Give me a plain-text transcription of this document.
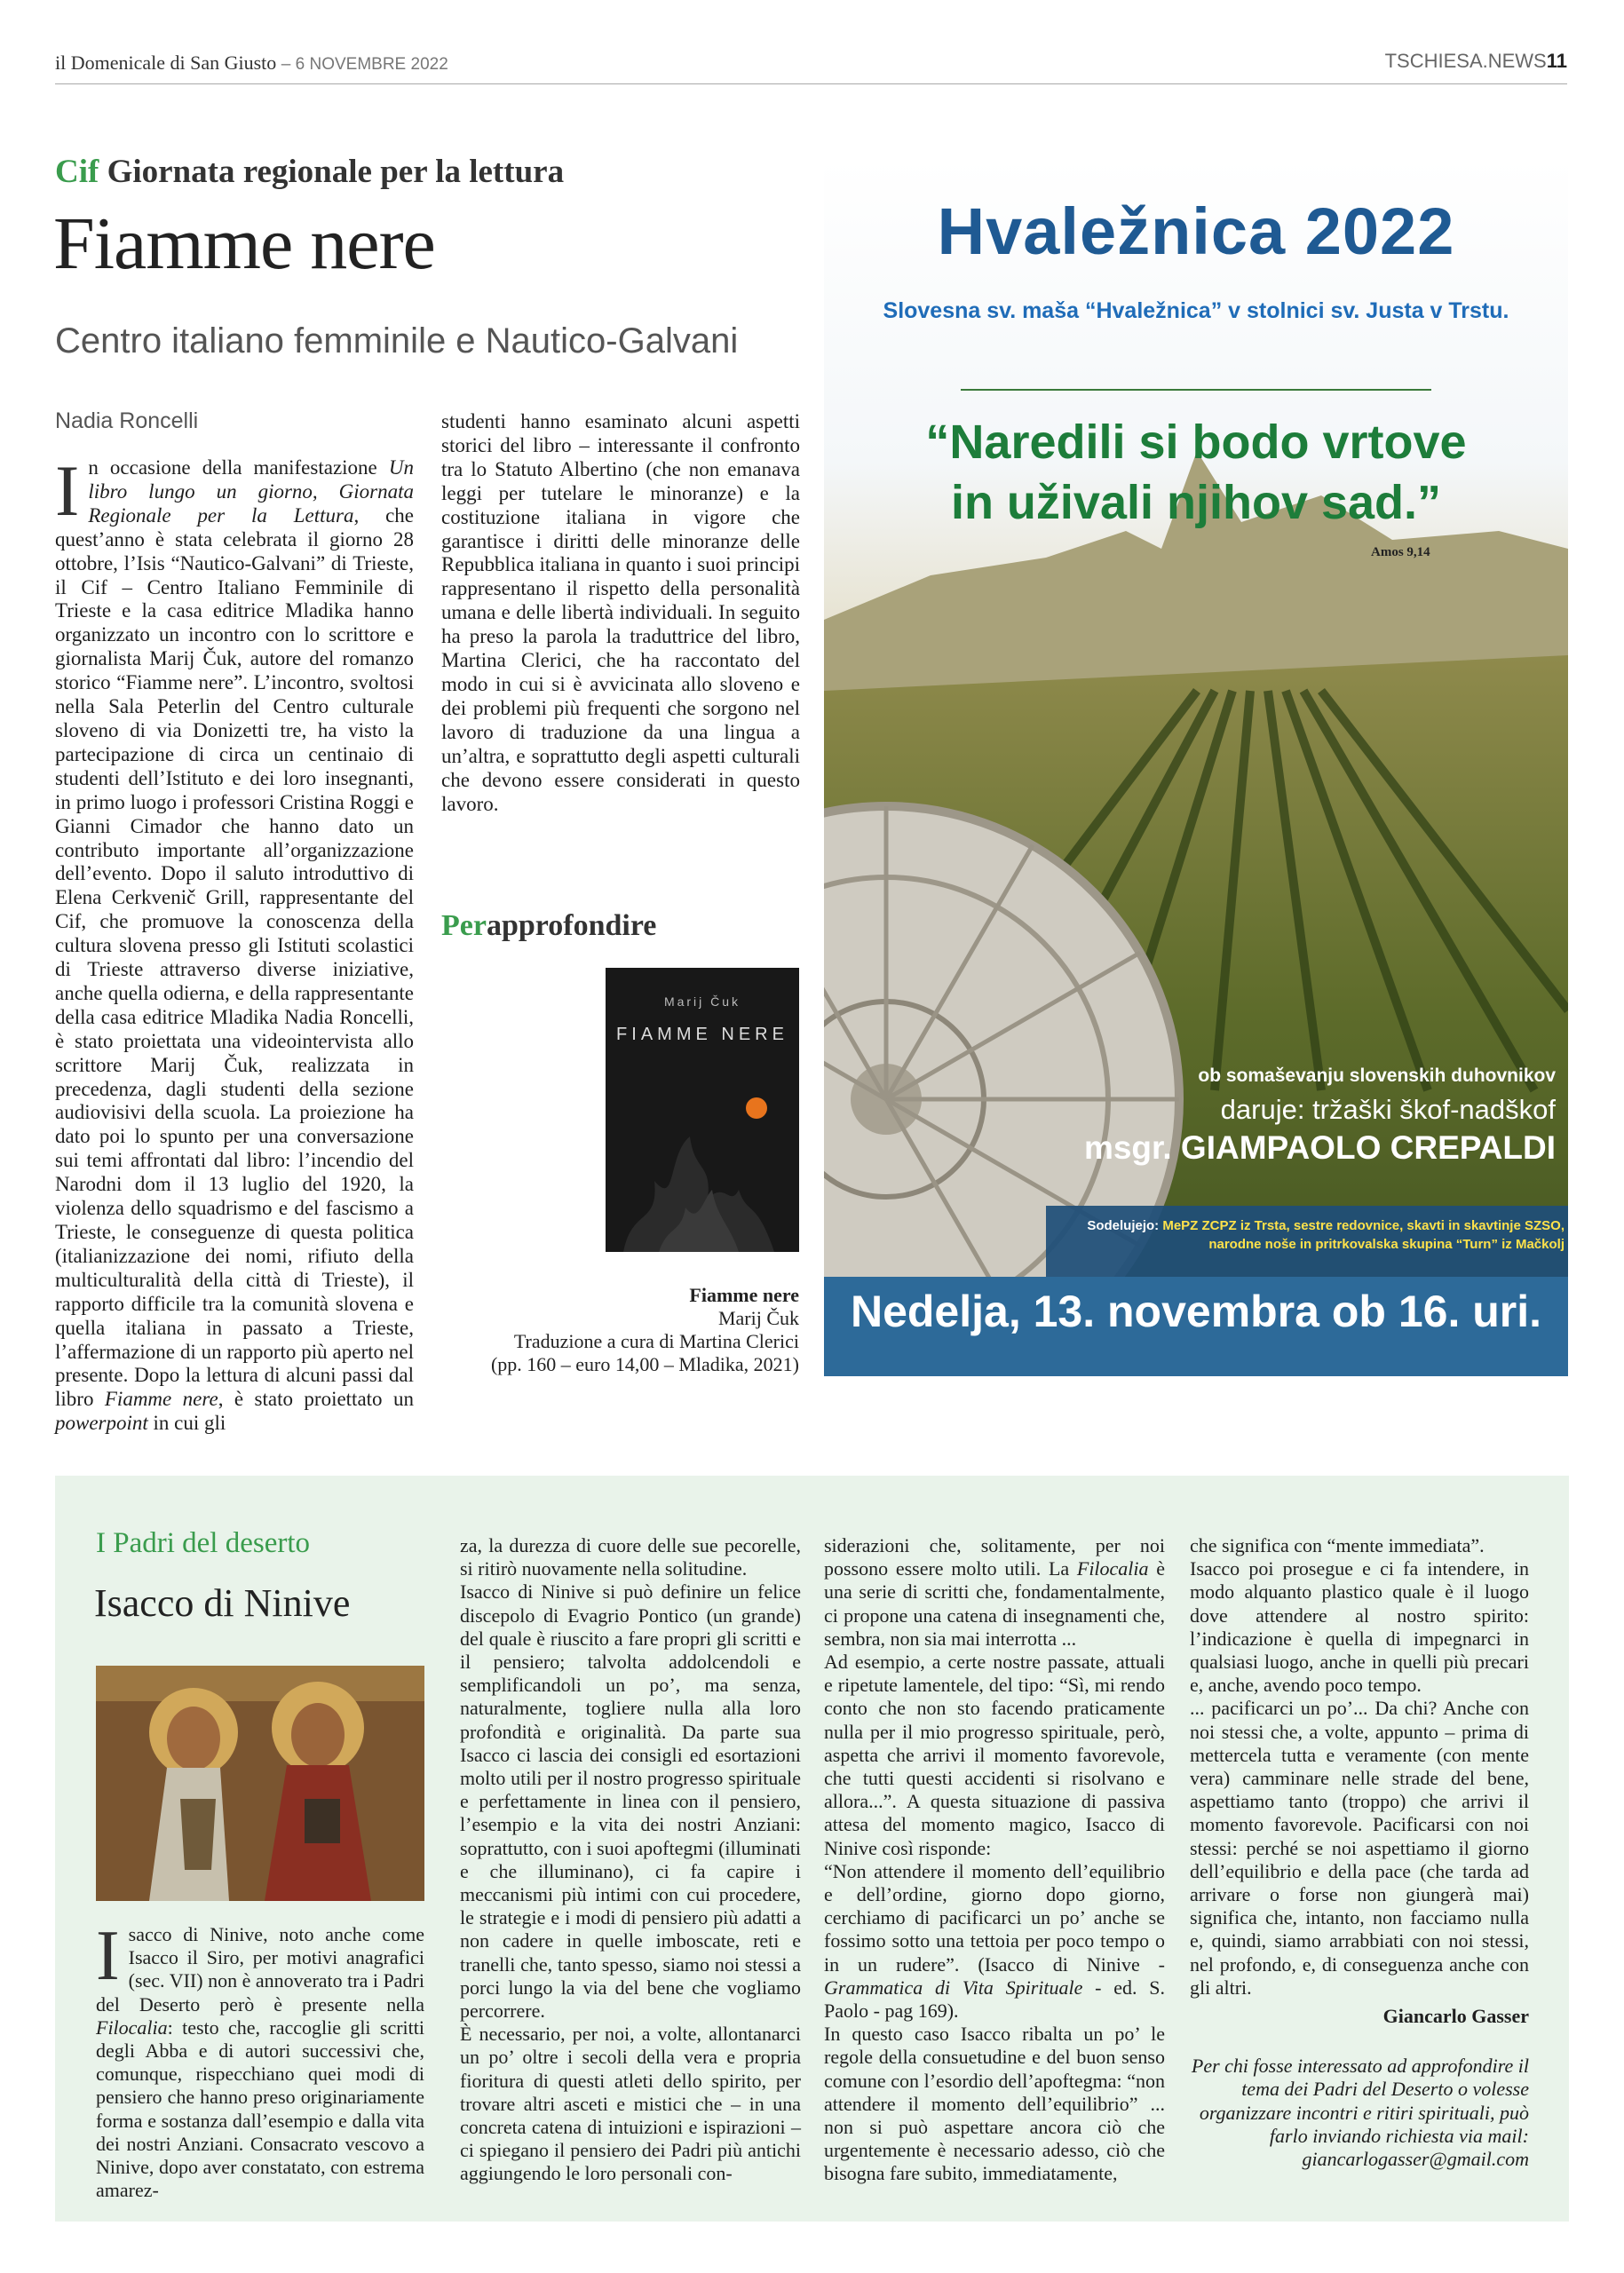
il Domenicale di San Giusto – 6 NOVEMBRE 2022	TSCHIESA.NEWS11
Cif Giornata regionale per la lettura
Fiamme nere
Centro italiano femminile e Nautico-Galvani
Nadia Roncelli
In occasione della manifestazione Un libro lungo un giorno, Giornata Regionale per la Lettura, che quest’anno è stata celebrata il giorno 28 ottobre, l’Isis “Nautico-Galvani” di Trieste, il Cif – Centro Italiano Femminile di Trieste e la casa editrice Mladika hanno organizzato un incontro con lo scrittore e giornalista Marij Čuk, autore del romanzo storico “Fiamme nere”. L’incontro, svoltosi nella Sala Peterlin del Centro culturale sloveno di via Donizetti tre, ha visto la partecipazione di circa un centinaio di studenti dell’Istituto e dei loro insegnanti, in primo luogo i professori Cristina Roggi e Gianni Cimador che hanno dato un contributo importante all’organizzazione dell’evento. Dopo il saluto introduttivo di Elena Cerkvenič Grill, rappresentante del Cif, che promuove la conoscenza della cultura slovena presso gli Istituti scolastici di Trieste attraverso diverse iniziative, anche quella odierna, e della rappresentante della casa editrice Mladika Nadia Roncelli, è stato proiettata una videointervista allo scrittore Marij Čuk, realizzata in precedenza, dagli studenti della sezione audiovisivi della scuola. La proiezione ha dato poi lo spunto per una conversazione sui temi affrontati dal libro: l’incendio del Narodni dom il 13 luglio del 1920, la violenza dello squadrismo e del fascismo a Trieste, le conseguenze di questa politica (italianizzazione dei nomi, rifiuto della multiculturalità della città di Trieste), il rapporto difficile tra la comunità slovena e quella italiana in passato a Trieste, l’affermazione di un rapporto più aperto nel presente. Dopo la lettura di alcuni passi dal libro Fiamme nere, è stato proiettato un powerpoint in cui gli
studenti hanno esaminato alcuni aspetti storici del libro – interessante il confronto tra lo Statuto Albertino (che non emanava leggi per tutelare le minoranze) e la costituzione italiana in vigore che garantisce i diritti delle minoranze delle Repubblica italiana in quanto i suoi principi rappresentano il rispetto della personalità umana e delle libertà individuali. In seguito ha preso la parola la traduttrice del libro, Martina Clerici, che ha raccontato del modo in cui si è avvicinata allo sloveno e dei problemi più frequenti che sorgono nel lavoro di traduzione da una lingua a un’altra, e soprattutto degli aspetti culturali che devono essere considerati in questo lavoro.
Perapprofondire
Marij Čuk
FIAMME NERE
Fiamme nere
Marij Čuk
Traduzione a cura di Martina Clerici
(pp. 160 – euro 14,00 – Mladika, 2021)
Hvaležnica 2022
Slovesna sv. maša “Hvaležnica” v stolnici sv. Justa v Trstu.
“Naredili si bodo vrtove
in uživali njihov sad.”
Amos 9,14
ob somaševanju slovenskih duhovnikov
daruje: tržaški škof-nadškof
msgr. GIAMPAOLO CREPALDI
Sodelujejo: MePZ ZCPZ iz Trsta, sestre redovnice, skavti in skavtinje SZSO,
narodne noše in pritrkovalska skupina “Turn” iz Mačkolj
Nedelja, 13. novembra ob 16. uri.
I Padri del deserto
Isacco di Ninive
Isacco di Ninive, noto anche come Isacco il Siro, per motivi anagrafici (sec. VII) non è annoverato tra i Padri del Deserto però è presente nella Filocalia: testo che, raccoglie gli scritti degli Abba e di autori successivi che, comunque, rispecchiano quei modi di pensiero che hanno preso originariamente forma e sostanza dall’esempio e dalla vita dei nostri Anziani. Consacrato vescovo a Ninive, dopo aver constatato, con estrema amarez-

za, la durezza di cuore delle sue pecorelle, si ritirò nuovamente nella solitudine.

Isacco di Ninive si può definire un felice discepolo di Evagrio Pontico (un grande) del quale è riuscito a fare propri gli scritti e il pensiero; talvolta addolcendoli e semplificandoli un po’, ma senza, naturalmente, togliere nulla alla loro profondità e originalità. Da parte sua Isacco ci lascia dei consigli ed esortazioni molto utili per il nostro progresso spirituale e perfettamente in linea con il pensiero, l’esempio e la vita dei nostri Anziani: soprattutto, con i suoi apoftegmi (illuminati e che illuminano), ci fa capire i meccanismi più intimi con cui procedere, le strategie e i modi di pensiero più adatti a non cadere in quelle imboscate, reti e tranelli che, tanto spesso, siamo noi stessi a porci lungo la via del bene che vogliamo percorrere.

È necessario, per noi, a volte, allontanarci un po’ oltre i secoli della vera e propria fioritura di questi atleti dello spirito, per trovare altri asceti e mistici che – in una concreta catena di intuizioni e ispirazioni – ci spiegano il pensiero dei Padri più antichi aggiungendo le loro personali con-

siderazioni che, solitamente, per noi possono essere molto utili. La Filocalia è una serie di scritti che, fondamentalmente, ci propone una catena di insegnamenti che, sembra, non sia mai interrotta ...

Ad esempio, a certe nostre passate, attuali e ripetute lamentele, del tipo: “Sì, mi rendo conto che non sto facendo praticamente nulla per il mio progresso spirituale, però, aspetta che arrivi il momento favorevole, che tutti questi accidenti si risolvano e allora...”. A questa situazione di passiva attesa del momento magico, Isacco di Ninive così risponde:

“Non attendere il momento dell’equilibrio e dell’ordine, giorno dopo giorno, cerchiamo di pacificarci un po’ anche se fossimo sotto una tettoia per poco tempo o in un rudere”. (Isacco di Ninive - Grammatica di Vita Spirituale - ed. S. Paolo - pag 169).

In questo caso Isacco ribalta un po’ le regole della consuetudine e del buon senso comune con l’esordio dell’apoftegma: “non attendere il momento dell’equilibrio” ... non si può aspettare ancora ciò che urgentemente è necessario adesso, ciò che bisogna fare subito, immediatamente,

che significa con “mente immediata”.

Isacco poi prosegue e ci fa intendere, in modo alquanto plastico quale è il luogo dove attendere al nostro spirito: l’indicazione è quella di impegnarci in qualsiasi luogo, anche in quelli più precari e, anche, avendo poco tempo.

... pacificarci un po’... Da chi? Anche con noi stessi che, a volte, appunto – prima di mettercela tutta e veramente (con mente vera) camminare nelle strade del bene, aspettiamo tanto (troppo) che arrivi il momento favorevole. Pacificarsi con noi stessi: perché se noi aspettiamo il giorno dell’equilibrio e della pace (che tarda ad arrivare o forse non giungerà mai) significa che, intanto, non facciamo nulla e, quindi, siamo arrabbiati con noi stessi, nel profondo, e, di conseguenza anche con gli altri.

Giancarlo Gasser

Per chi fosse interessato ad approfondire il tema dei Padri del Deserto o volesse organizzare incontri e ritiri spirituali, può farlo inviando richiesta via mail:

giancarlogasser@gmail.com
